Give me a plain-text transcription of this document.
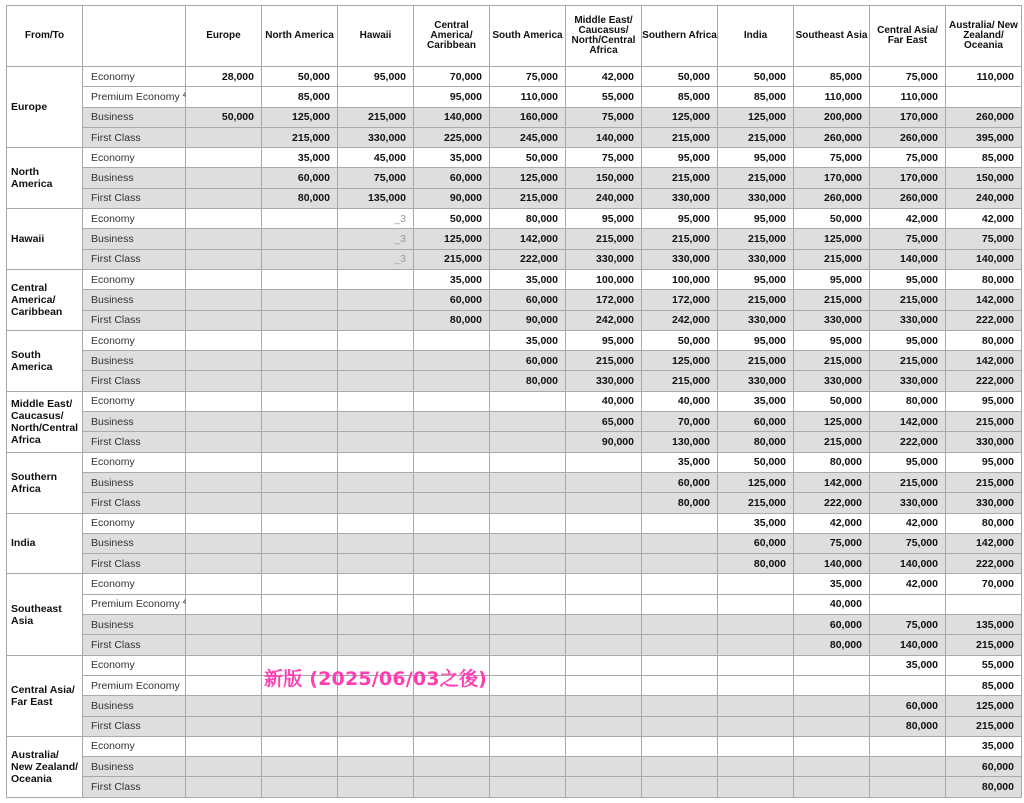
From/To		Europe	North America	Hawaii	Central America/ Caribbean	South America	Middle East/ Caucasus/ North/Central Africa	Southern Africa	India	Southeast Asia	Central Asia/ Far East	Australia/ New Zealand/ Oceania
Europe	Economy	28,000	50,000	95,000	70,000	75,000	42,000	50,000	50,000	85,000	75,000	110,000
	Premium Economy $^4$		85,000		95,000	110,000	55,000	85,000	85,000	110,000	110,000	
	Business	50,000	125,000	215,000	140,000	160,000	75,000	125,000	125,000	200,000	170,000	260,000
	First Class		215,000	330,000	225,000	245,000	140,000	215,000	215,000	260,000	260,000	395,000
North America	Economy		35,000	45,000	35,000	50,000	75,000	95,000	95,000	75,000	75,000	85,000
	Business		60,000	75,000	60,000	125,000	150,000	215,000	215,000	170,000	170,000	150,000
	First Class		80,000	135,000	90,000	215,000	240,000	330,000	330,000	260,000	260,000	240,000
Hawaii	Economy			_3	50,000	80,000	95,000	95,000	95,000	50,000	42,000	42,000
	Business			_3	125,000	142,000	215,000	215,000	215,000	125,000	75,000	75,000
	First Class			_3	215,000	222,000	330,000	330,000	330,000	215,000	140,000	140,000
Central America/ Caribbean	Economy				35,000	35,000	100,000	100,000	95,000	95,000	95,000	80,000
	Business				60,000	60,000	172,000	172,000	215,000	215,000	215,000	142,000
	First Class				80,000	90,000	242,000	242,000	330,000	330,000	330,000	222,000
South America	Economy					35,000	95,000	50,000	95,000	95,000	95,000	80,000
	Business					60,000	215,000	125,000	215,000	215,000	215,000	142,000
	First Class					80,000	330,000	215,000	330,000	330,000	330,000	222,000
Middle East/ Caucasus/ North/Central Africa	Economy						40,000	40,000	35,000	50,000	80,000	95,000
	Business						65,000	70,000	60,000	125,000	142,000	215,000
	First Class						90,000	130,000	80,000	215,000	222,000	330,000
Southern Africa	Economy							35,000	50,000	80,000	95,000	95,000
	Business							60,000	125,000	142,000	215,000	215,000
	First Class							80,000	215,000	222,000	330,000	330,000
India	Economy								35,000	42,000	42,000	80,000
	Business								60,000	75,000	75,000	142,000
	First Class								80,000	140,000	140,000	222,000
Southeast Asia	Economy									35,000	42,000	70,000
	Premium Economy $^4$									40,000		
	Business									60,000	75,000	135,000
	First Class									80,000	140,000	215,000
Central Asia/ Far East	Economy										35,000	55,000
	Premium Economy											85,000
	Business										60,000	125,000
	First Class										80,000	215,000
Australia/ New Zealand/ Oceania	Economy											35,000
	Business											60,000
	First Class											80,000
新版 (2025/06/03之後)
